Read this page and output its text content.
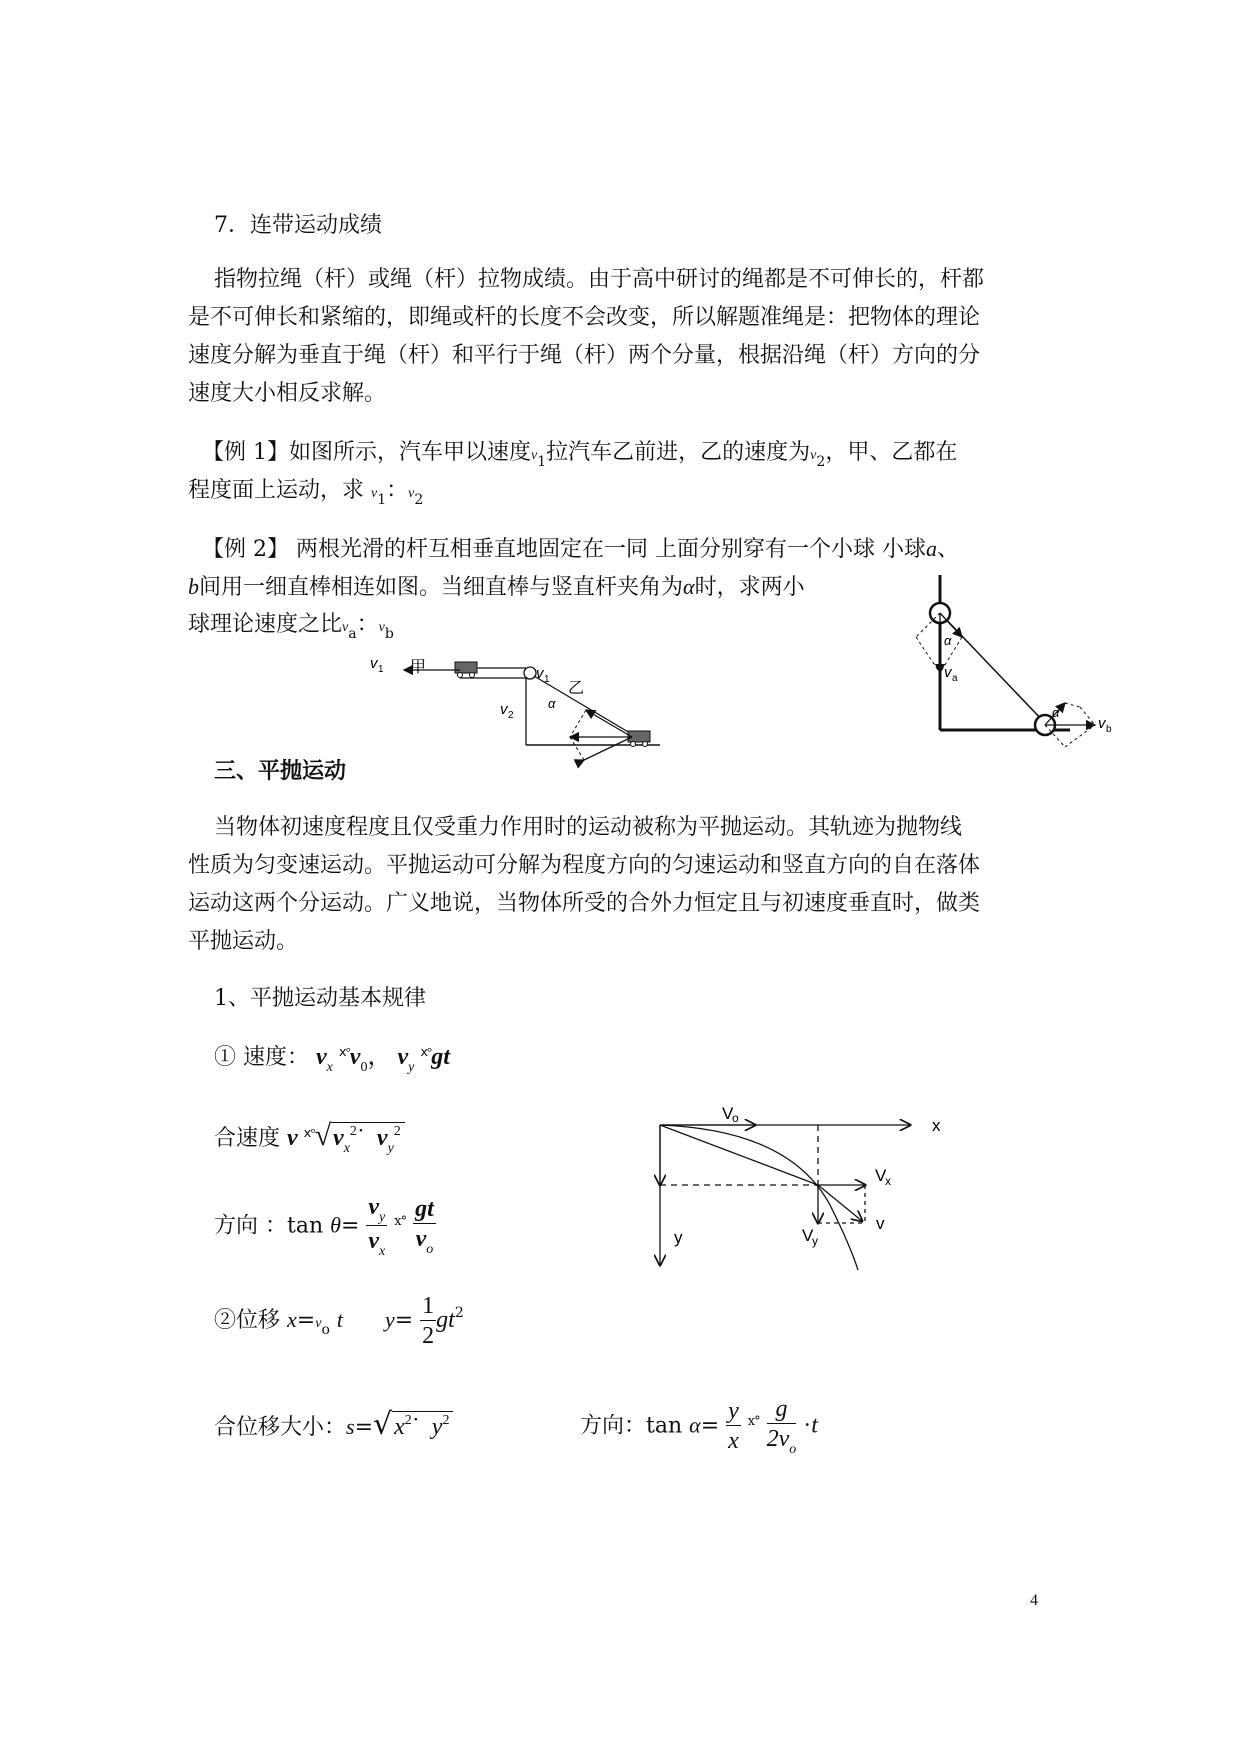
7．连带运动成绩
指物拉绳（杆）或绳（杆）拉物成绩。由于高中研讨的绳都是不可伸长的，杆都
是不可伸长和紧缩的，即绳或杆的长度不会改变，所以解题准绳是：把物体的理论
速度分解为垂直于绳（杆）和平行于绳（杆）两个分量，根据沿绳（杆）方向的分
速度大小相反求解。
【例 1】如图所示，汽车甲以速度$v_1$拉汽车乙前进，乙的速度为$v_2$，甲、乙都在
程度面上运动，求 $v_1$：$v_2$
【例 2】 两根光滑的杆互相垂直地固定在一同 上面分别穿有一个小球 小球a、
b间用一细直棒相连如图。当细直棒与竖直杆夹角为α时，求两小
球理论速度之比$v_a$：$v_b$
v 1 甲	v 1
乙
v 2
α
α
v a
α
v b
三、平抛运动
当物体初速度程度且仅受重力作用时的运动被称为平抛运动。其轨迹为抛物线
性质为匀变速运动。平抛运动可分解为程度方向的匀速运动和竖直方向的自在落体
运动这两个分运动。广义地说，当物体所受的合外力恒定且与初速度垂直时，做类
平抛运动。
1、平抛运动基本规律
① 速度： $v_x$ $^{ⅹ^\circ}v_0$， $v_y$ $^{ⅹ^\circ}$gt
合速度 v $^{ⅹ^\circ}√v_x^2˙$ $v_y^2$
方向 ：$\tan \theta= \frac{v_y}{v_x} ^{ⅹ^\circ} \frac{gt}{v_o}$
②位移 $x=v_o$ t $y= \frac{1}{2} gt^2$
合位移大小：$s=√x^2˙$ $y^2$	方向：$\tan \alpha= \frac{y}{x} ^{ⅹ^\circ} \frac{g}{2v_o} \cdot t$
V
o	x
V
x
v
V
y
y
4
